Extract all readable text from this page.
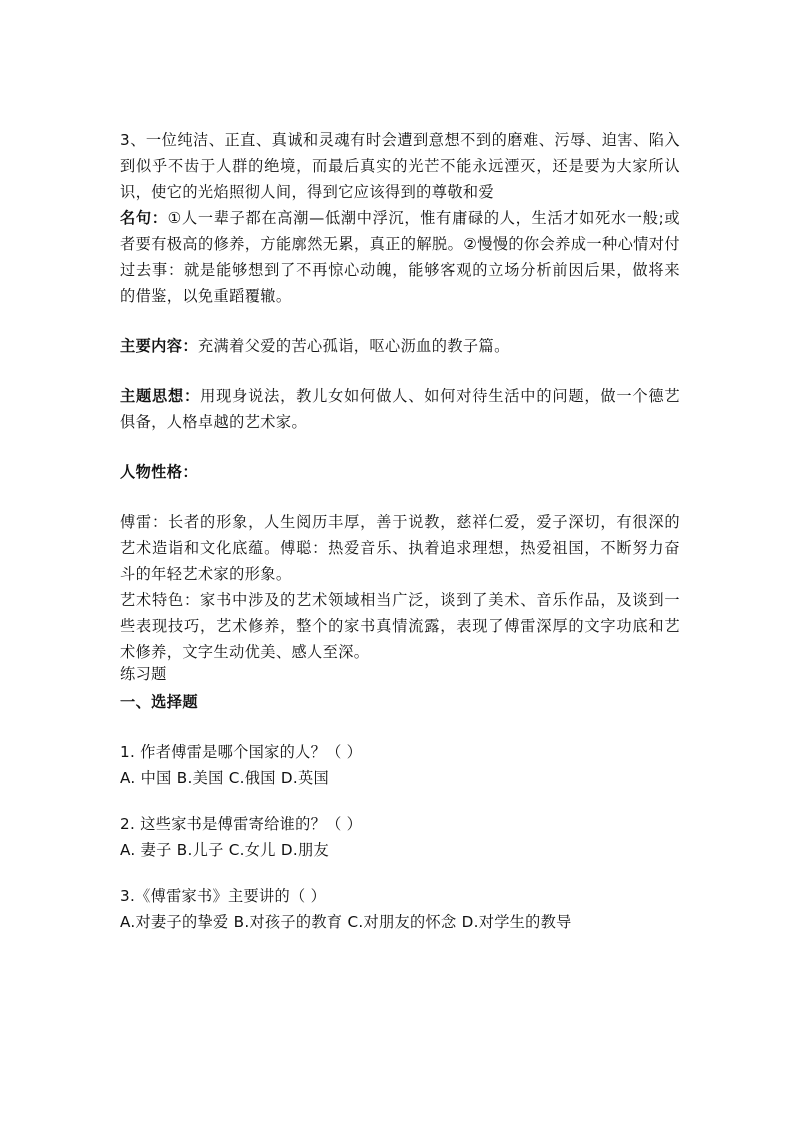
3、一位纯洁、正直、真诚和灵魂有时会遭到意想不到的磨难、污辱、迫害、陷入到似乎不齿于人群的绝境，而最后真实的光芒不能永远湮灭，还是要为大家所认识，使它的光焰照彻人间，得到它应该得到的尊敬和爱

名句：①人一辈子都在高潮—低潮中浮沉，惟有庸碌的人，生活才如死水一般;或者要有极高的修养，方能廓然无累，真正的解脱。②慢慢的你会养成一种心情对付过去事：就是能够想到了不再惊心动魄，能够客观的立场分析前因后果，做将来的借鉴，以免重蹈覆辙。

主要内容：充满着父爱的苦心孤诣，呕心沥血的教子篇。

主题思想：用现身说法，教儿女如何做人、如何对待生活中的问题，做一个德艺俱备，人格卓越的艺术家。

人物性格：

傅雷：长者的形象，人生阅历丰厚，善于说教，慈祥仁爱，爱子深切，有很深的艺术造诣和文化底蕴。傅聪：热爱音乐、执着追求理想，热爱祖国，不断努力奋斗的年轻艺术家的形象。

艺术特色：家书中涉及的艺术领域相当广泛，谈到了美术、音乐作品，及谈到一些表现技巧，艺术修养，整个的家书真情流露，表现了傅雷深厚的文字功底和艺术修养，文字生动优美、感人至深。

练习题

一、选择题

1. 作者傅雷是哪个国家的人？（ ）
A. 中国 B.美国 C.俄国 D.英国
2. 这些家书是傅雷寄给谁的？（ ）
A. 妻子 B.儿子 C.女儿 D.朋友
3.《傅雷家书》主要讲的（ ）
A.对妻子的挚爱 B.对孩子的教育 C.对朋友的怀念 D.对学生的教导
